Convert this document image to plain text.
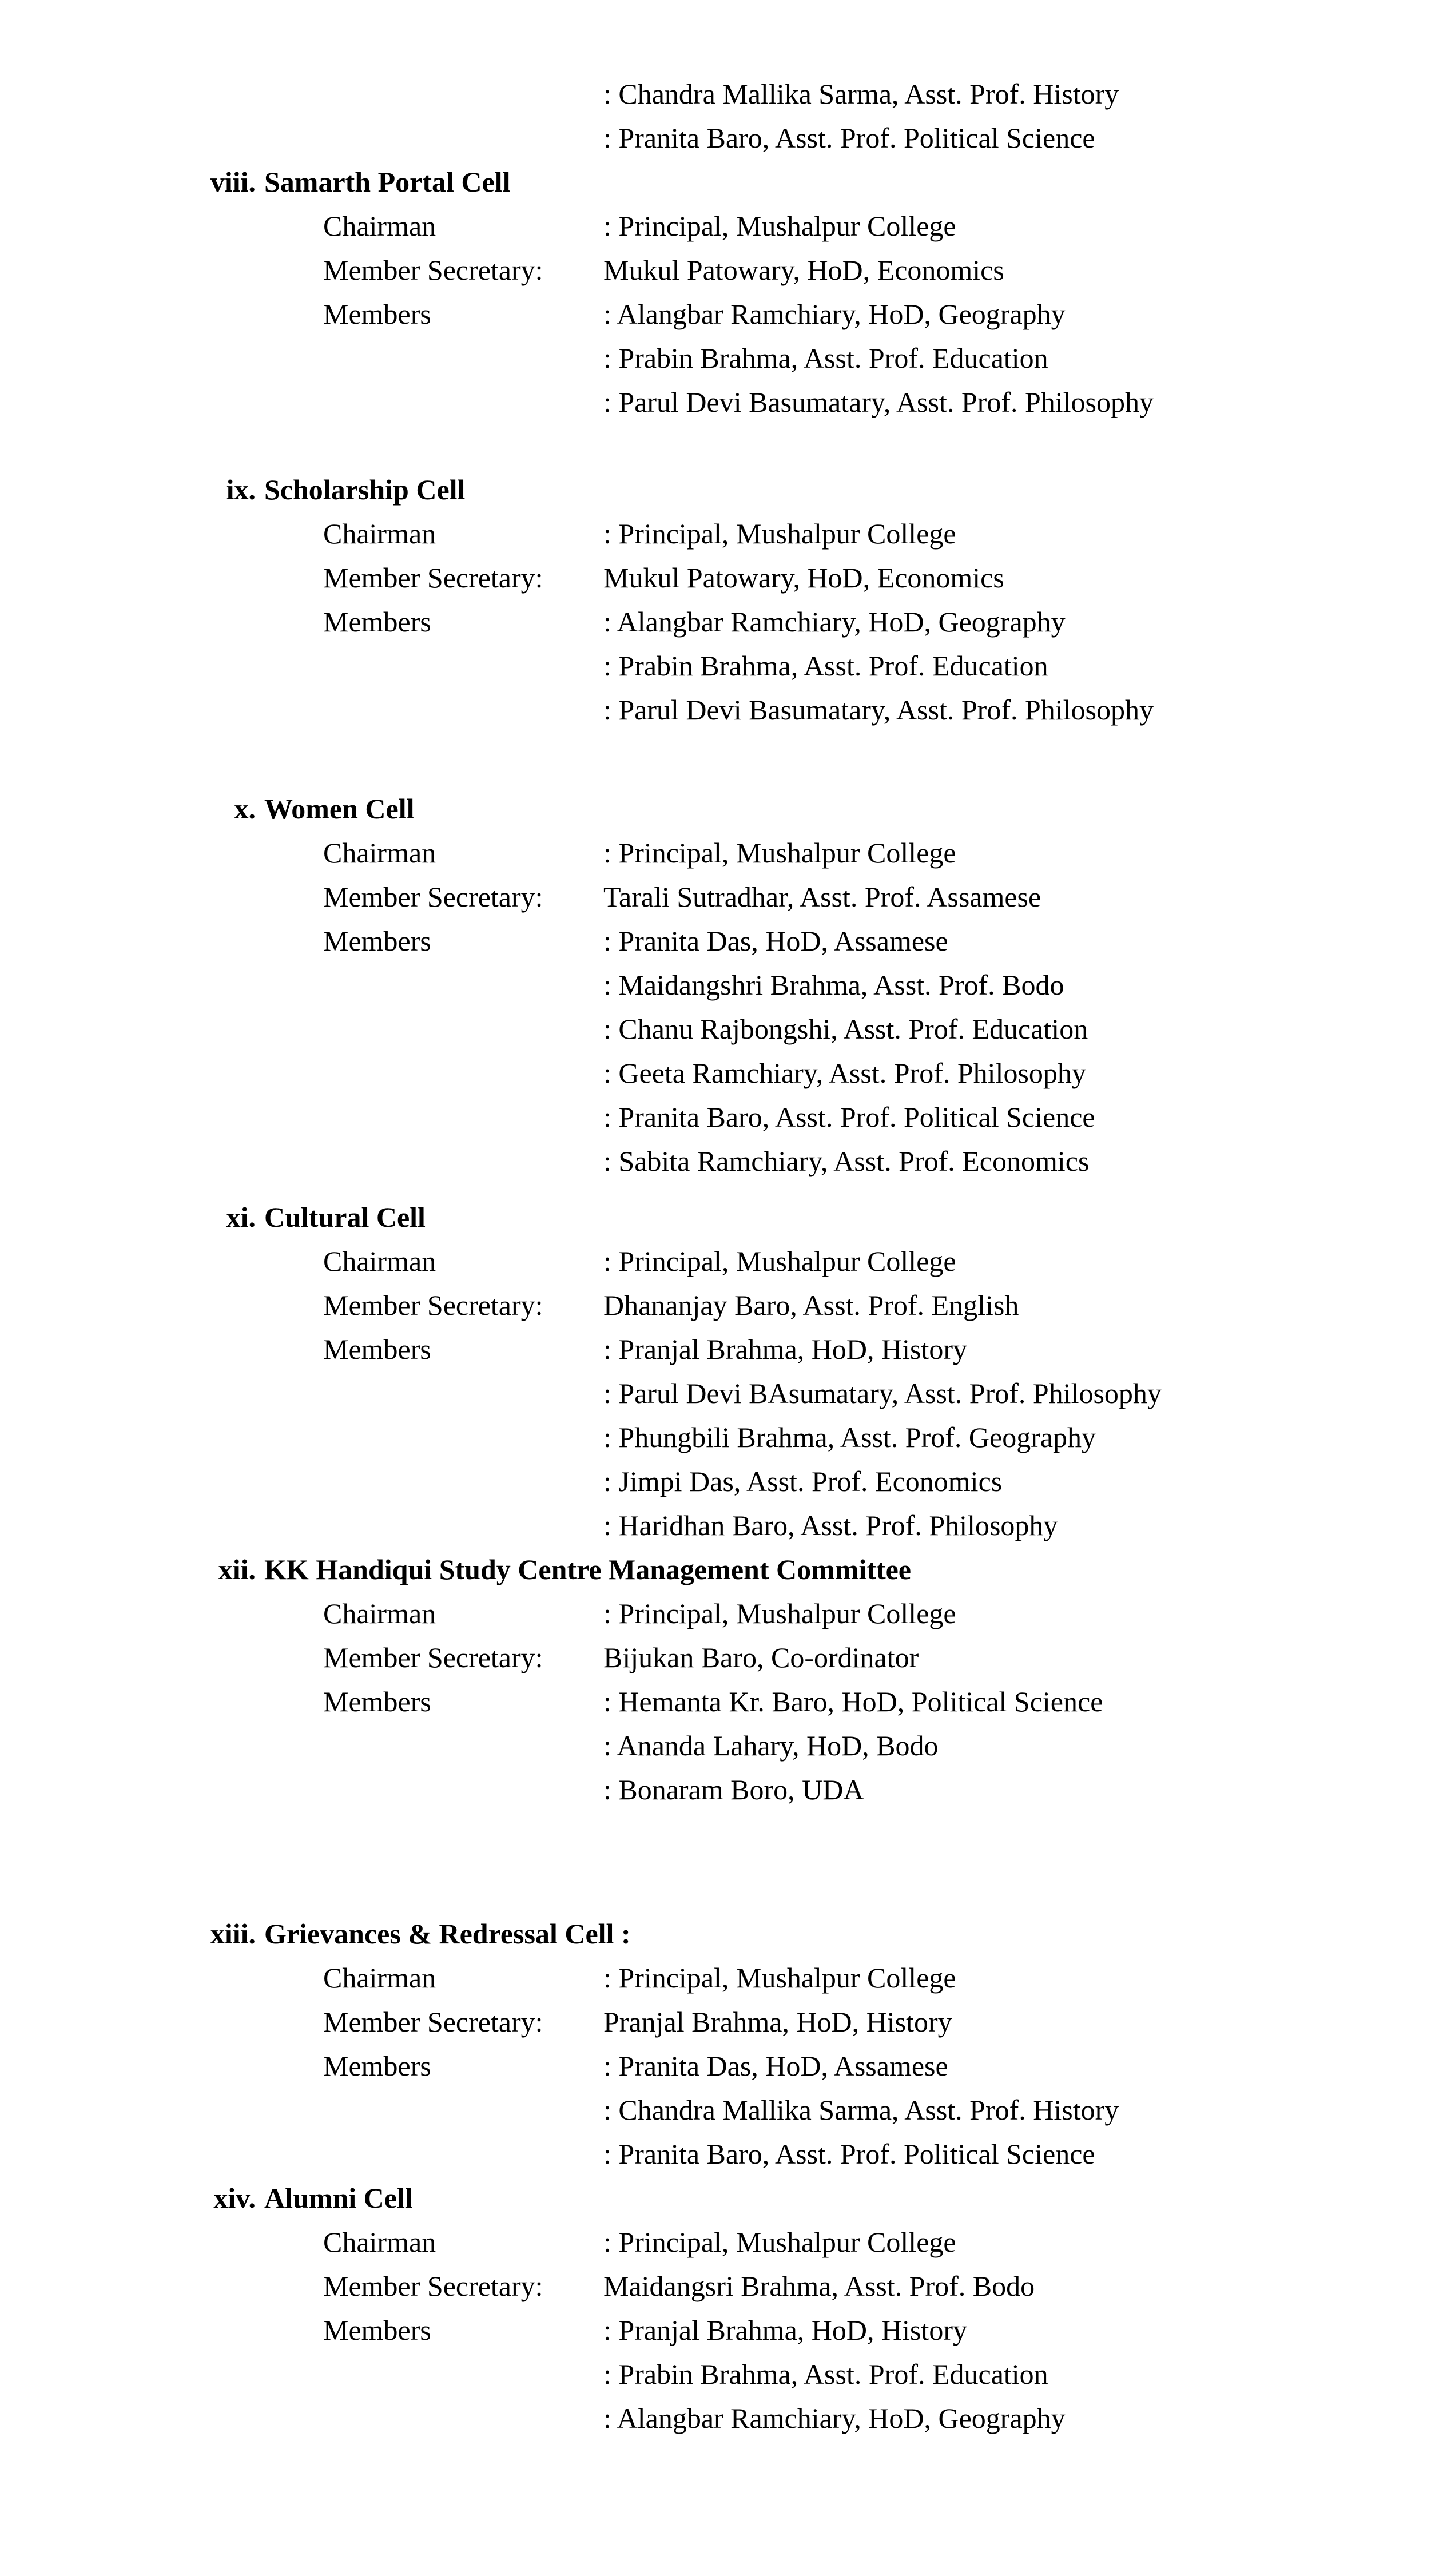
: Chandra Mallika Sarma, Asst. Prof. History
: Pranita Baro, Asst. Prof. Political Science
viii. Samarth Portal Cell
Chairman	: Principal, Mushalpur College
Member Secretary:	Mukul Patowary, HoD, Economics
Members	: Alangbar Ramchiary, HoD, Geography
: Prabin Brahma, Asst. Prof. Education
: Parul Devi Basumatary, Asst. Prof. Philosophy
ix. Scholarship Cell
Chairman	: Principal, Mushalpur College
Member Secretary:	Mukul Patowary, HoD, Economics
Members	: Alangbar Ramchiary, HoD, Geography
: Prabin Brahma, Asst. Prof. Education
: Parul Devi Basumatary, Asst. Prof. Philosophy
x. Women Cell
Chairman	: Principal, Mushalpur College
Member Secretary:	Tarali Sutradhar, Asst. Prof. Assamese
Members	: Pranita Das, HoD, Assamese
: Maidangshri Brahma, Asst. Prof. Bodo
: Chanu Rajbongshi, Asst. Prof. Education
: Geeta Ramchiary, Asst. Prof. Philosophy
: Pranita Baro, Asst. Prof. Political Science
: Sabita Ramchiary, Asst. Prof. Economics
xi. Cultural Cell
Chairman	: Principal, Mushalpur College
Member Secretary:	Dhananjay Baro, Asst. Prof. English
Members	: Pranjal Brahma, HoD, History
: Parul Devi BAsumatary, Asst. Prof. Philosophy
: Phungbili Brahma, Asst. Prof. Geography
: Jimpi Das, Asst. Prof. Economics
: Haridhan Baro, Asst. Prof. Philosophy
xii. KK Handiqui Study Centre Management Committee
Chairman	: Principal, Mushalpur College
Member Secretary:	Bijukan Baro, Co-ordinator
Members	: Hemanta Kr. Baro, HoD, Political Science
: Ananda Lahary, HoD, Bodo
: Bonaram Boro, UDA
xiii. Grievances & Redressal Cell :
Chairman	: Principal, Mushalpur College
Member Secretary:	Pranjal Brahma, HoD, History
Members	: Pranita Das, HoD, Assamese
: Chandra Mallika Sarma, Asst. Prof. History
: Pranita Baro, Asst. Prof. Political Science
xiv. Alumni Cell
Chairman	: Principal, Mushalpur College
Member Secretary:	Maidangsri Brahma, Asst. Prof. Bodo
Members	: Pranjal Brahma, HoD, History
: Prabin Brahma, Asst. Prof. Education
: Alangbar Ramchiary, HoD, Geography
